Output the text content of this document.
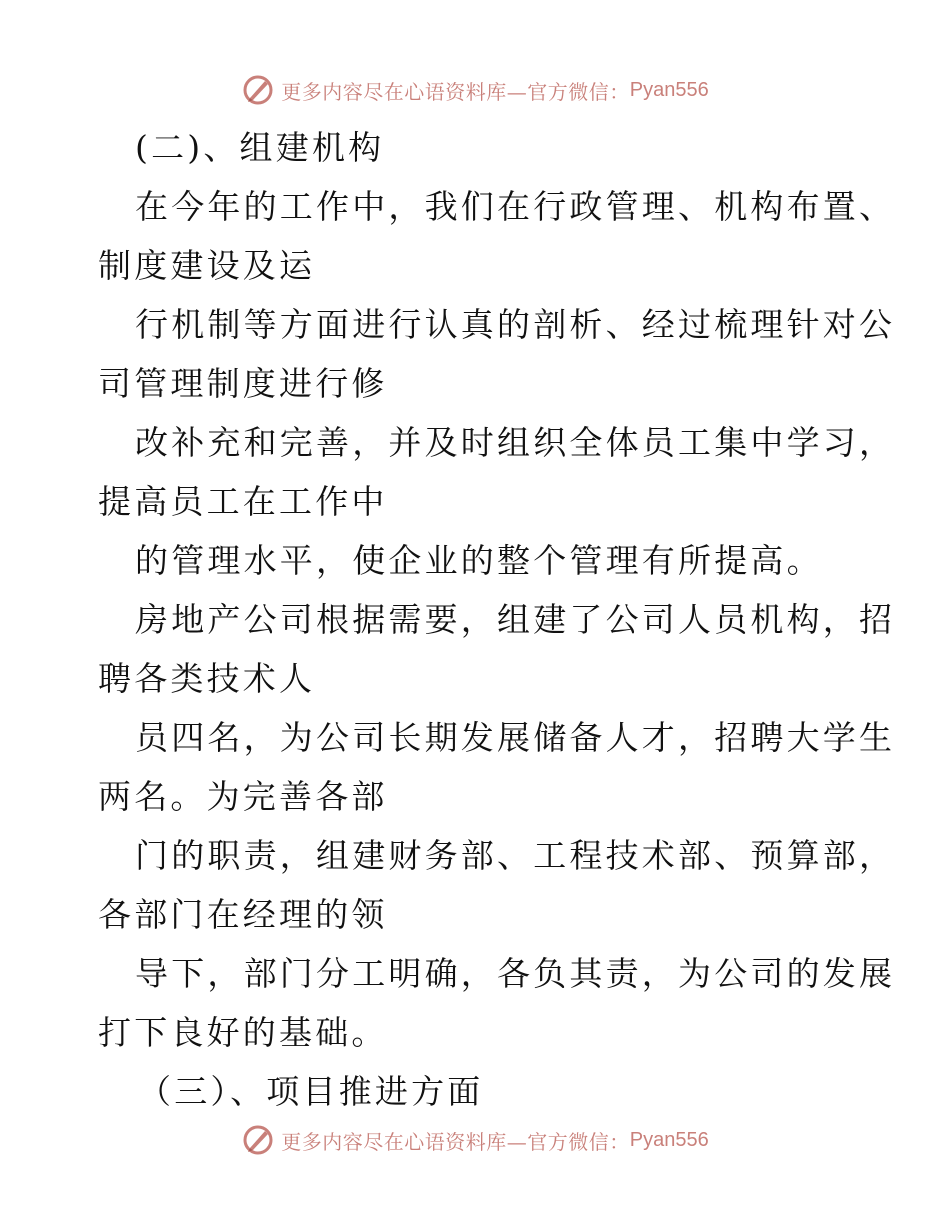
更多内容尽在心语资料库—官方微信： Pyan556
(二)、组建机构
在今年的工作中，我们在行政管理、机构布置、
制度建设及运
行机制等方面进行认真的剖析、经过梳理针对公
司管理制度进行修
改补充和完善，并及时组织全体员工集中学习，
提高员工在工作中
的管理水平，使企业的整个管理有所提高。
房地产公司根据需要，组建了公司人员机构，招
聘各类技术人
员四名，为公司长期发展储备人才，招聘大学生
两名。为完善各部
门的职责，组建财务部、工程技术部、预算部，
各部门在经理的领
导下，部门分工明确，各负其责，为公司的发展
打下良好的基础。
（三）、项目推进方面
更多内容尽在心语资料库—官方微信： Pyan556
